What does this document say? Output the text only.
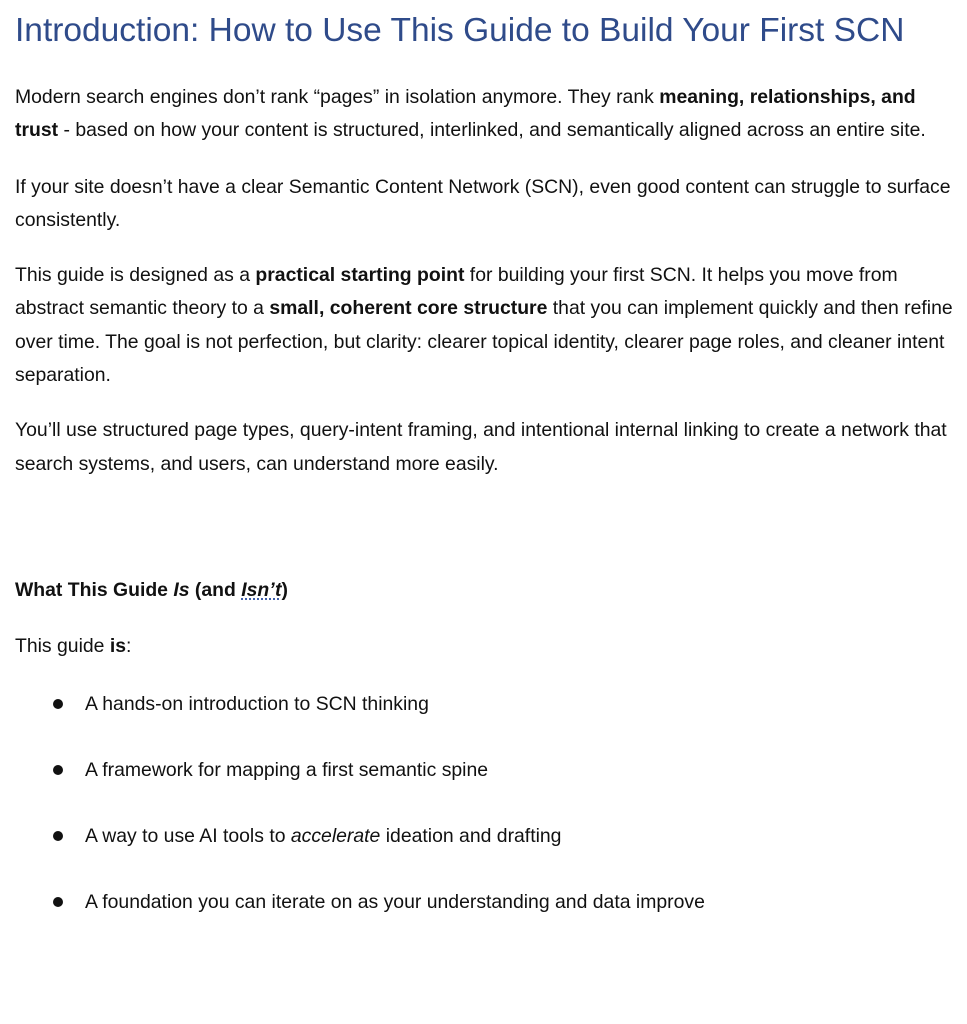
Introduction: How to Use This Guide to Build Your First SCN

Modern search engines don’t rank “pages” in isolation anymore. They rank meaning, relationships, and trust - based on how your content is structured, interlinked, and semantically aligned across an entire site.

If your site doesn’t have a clear Semantic Content Network (SCN), even good content can struggle to surface consistently.

This guide is designed as a practical starting point for building your first SCN. It helps you move from abstract semantic theory to a small, coherent core structure that you can implement quickly and then refine over time. The goal is not perfection, but clarity: clearer topical identity, clearer page roles, and cleaner intent separation.

You’ll use structured page types, query-intent framing, and intentional internal linking to create a network that search systems, and users, can understand more easily.

What This Guide Is (and Isn’t)

This guide is:

A hands-on introduction to SCN thinking
A framework for mapping a first semantic spine
A way to use AI tools to accelerate ideation and drafting
A foundation you can iterate on as your understanding and data improve
